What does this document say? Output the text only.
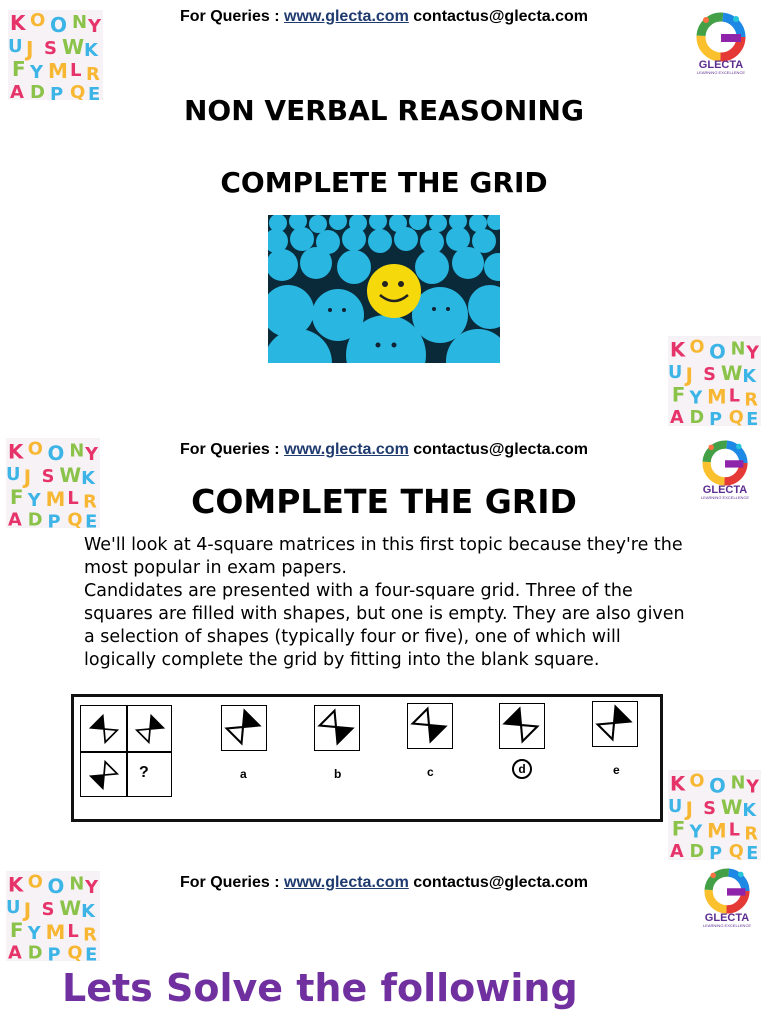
For Queries : www.glecta.com contactus@glecta.com
GLECTA
LEARNING EXCELLENCE
NON VERBAL REASONING
COMPLETE THE GRID
For Queries : www.glecta.com contactus@glecta.com
GLECTA
LEARNING EXCELLENCE
COMPLETE THE GRID
We'll look at 4-square matrices in this first topic because they're the most popular in exam papers.
Candidates are presented with a four-square grid. Three of the squares are filled with shapes, but one is empty. They are also given a selection of shapes (typically four or five), one of which will logically complete the grid by fitting into the blank square.
?	a	b	c	d	e
For Queries : www.glecta.com contactus@glecta.com
GLECTA
LEARNING EXCELLENCE
Lets Solve the following
